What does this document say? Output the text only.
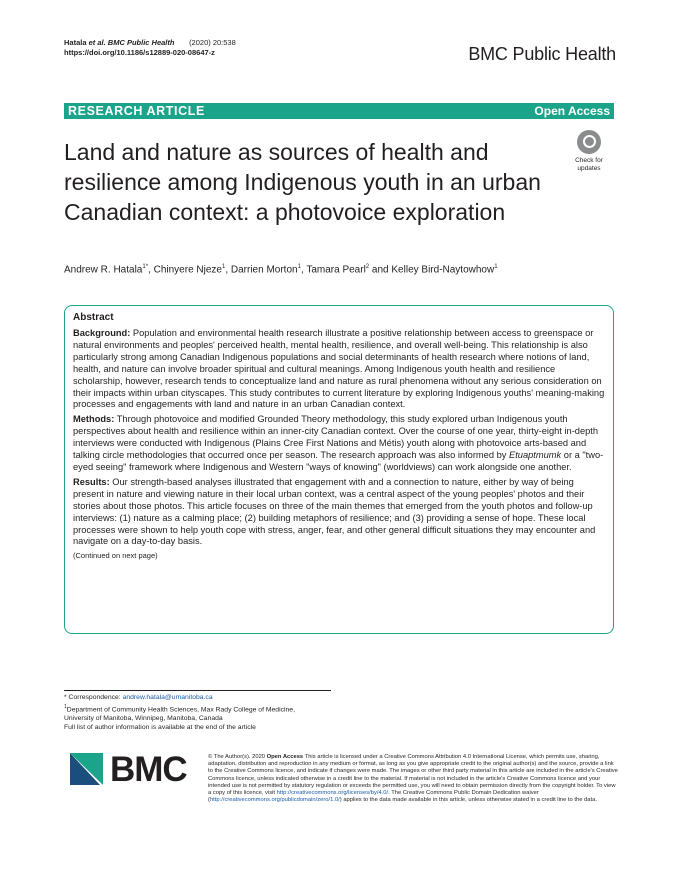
Hatala et al. BMC Public Health (2020) 20:538
https://doi.org/10.1186/s12889-020-08647-z	BMC Public Health
RESEARCH ARTICLE	Open Access
Land and nature as sources of health and resilience among Indigenous youth in an urban Canadian context: a photovoice exploration
Check for
updates
Andrew R. Hatala$^{1*}$, Chinyere Njeze$^1$, Darrien Morton$^1$, Tamara Pearl$^2$ and Kelley Bird-Naytowhow$^1$
Abstract

Background: Population and environmental health research illustrate a positive relationship between access to greenspace or natural environments and peoples' perceived health, mental health, resilience, and overall well-being. This relationship is also particularly strong among Canadian Indigenous populations and social determinants of health research where notions of land, health, and nature can involve broader spiritual and cultural meanings. Among Indigenous youth health and resilience scholarship, however, research tends to conceptualize land and nature as rural phenomena without any serious consideration on their impacts within urban cityscapes. This study contributes to current literature by exploring Indigenous youths' meaning-making processes and engagements with land and nature in an urban Canadian context.

Methods: Through photovoice and modified Grounded Theory methodology, this study explored urban Indigenous youth perspectives about health and resilience within an inner-city Canadian context. Over the course of one year, thirty-eight in-depth interviews were conducted with Indigenous (Plains Cree First Nations and Métis) youth along with photovoice arts-based and talking circle methodologies that occurred once per season. The research approach was also informed by Etuaptmumk or a "two-eyed seeing" framework where Indigenous and Western "ways of knowing" (worldviews) can work alongside one another.

Results: Our strength-based analyses illustrated that engagement with and a connection to nature, either by way of being present in nature and viewing nature in their local urban context, was a central aspect of the young peoples' photos and their stories about those photos. This article focuses on three of the main themes that emerged from the youth photos and follow-up interviews: (1) nature as a calming place; (2) building metaphors of resilience; and (3) providing a sense of hope. These local processes were shown to help youth cope with stress, anger, fear, and other general difficult situations they may encounter and navigate on a day-to-day basis.

(Continued on next page)
* Correspondence: andrew.hatala@umanitoba.ca
$^1$Department of Community Health Sciences, Max Rady College of Medicine,
University of Manitoba, Winnipeg, Manitoba, Canada
Full list of author information is available at the end of the article
BMC	© The Author(s). 2020 Open Access This article is licensed under a Creative Commons Attribution 4.0 International License, which permits use, sharing, adaptation, distribution and reproduction in any medium or format, as long as you give appropriate credit to the original author(s) and the source, provide a link to the Creative Commons licence, and indicate if changes were made. The images or other third party material in this article are included in the article's Creative Commons licence, unless indicated otherwise in a credit line to the material. If material is not included in the article's Creative Commons licence and your intended use is not permitted by statutory regulation or exceeds the permitted use, you will need to obtain permission directly from the copyright holder. To view a copy of this licence, visit http://creativecommons.org/licenses/by/4.0/. The Creative Commons Public Domain Dedication waiver (http://creativecommons.org/publicdomain/zero/1.0/) applies to the data made available in this article, unless otherwise stated in a credit line to the data.
